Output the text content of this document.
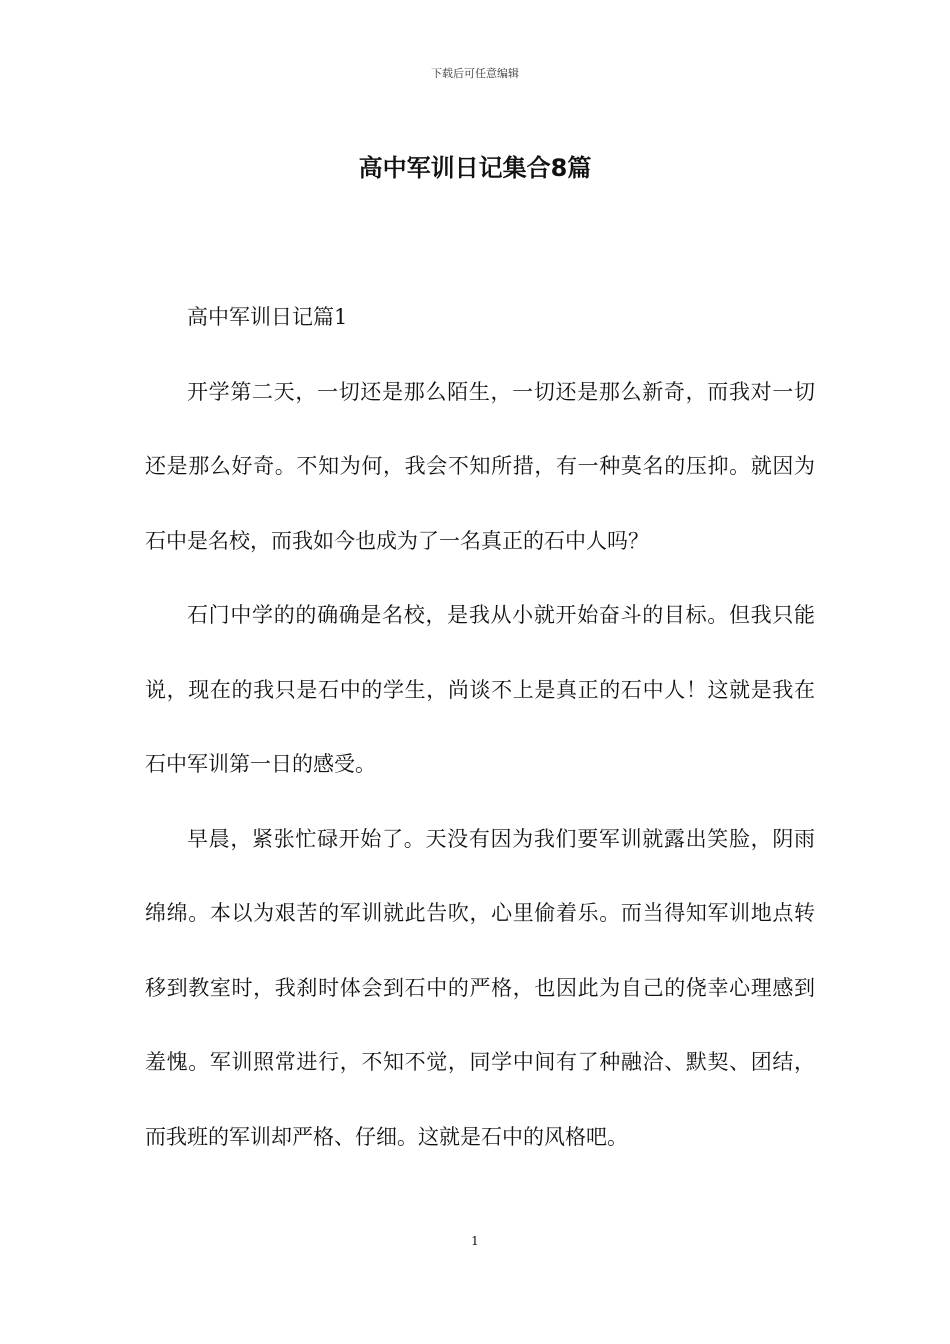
下载后可任意编辑
高中军训日记集合8篇

高中军训日记篇1

开学第二天，一切还是那么陌生，一切还是那么新奇，而我对一切还是那么好奇。不知为何，我会不知所措，有一种莫名的压抑。就因为石中是名校，而我如今也成为了一名真正的石中人吗？

石门中学的的确确是名校，是我从小就开始奋斗的目标。但我只能说，现在的我只是石中的学生，尚谈不上是真正的石中人！这就是我在石中军训第一日的感受。

早晨，紧张忙碌开始了。天没有因为我们要军训就露出笑脸，阴雨绵绵。本以为艰苦的军训就此告吹，心里偷着乐。而当得知军训地点转移到教室时，我刹时体会到石中的严格，也因此为自己的侥幸心理感到羞愧。军训照常进行，不知不觉，同学中间有了种融洽、默契、团结，而我班的军训却严格、仔细。这就是石中的风格吧。

1
